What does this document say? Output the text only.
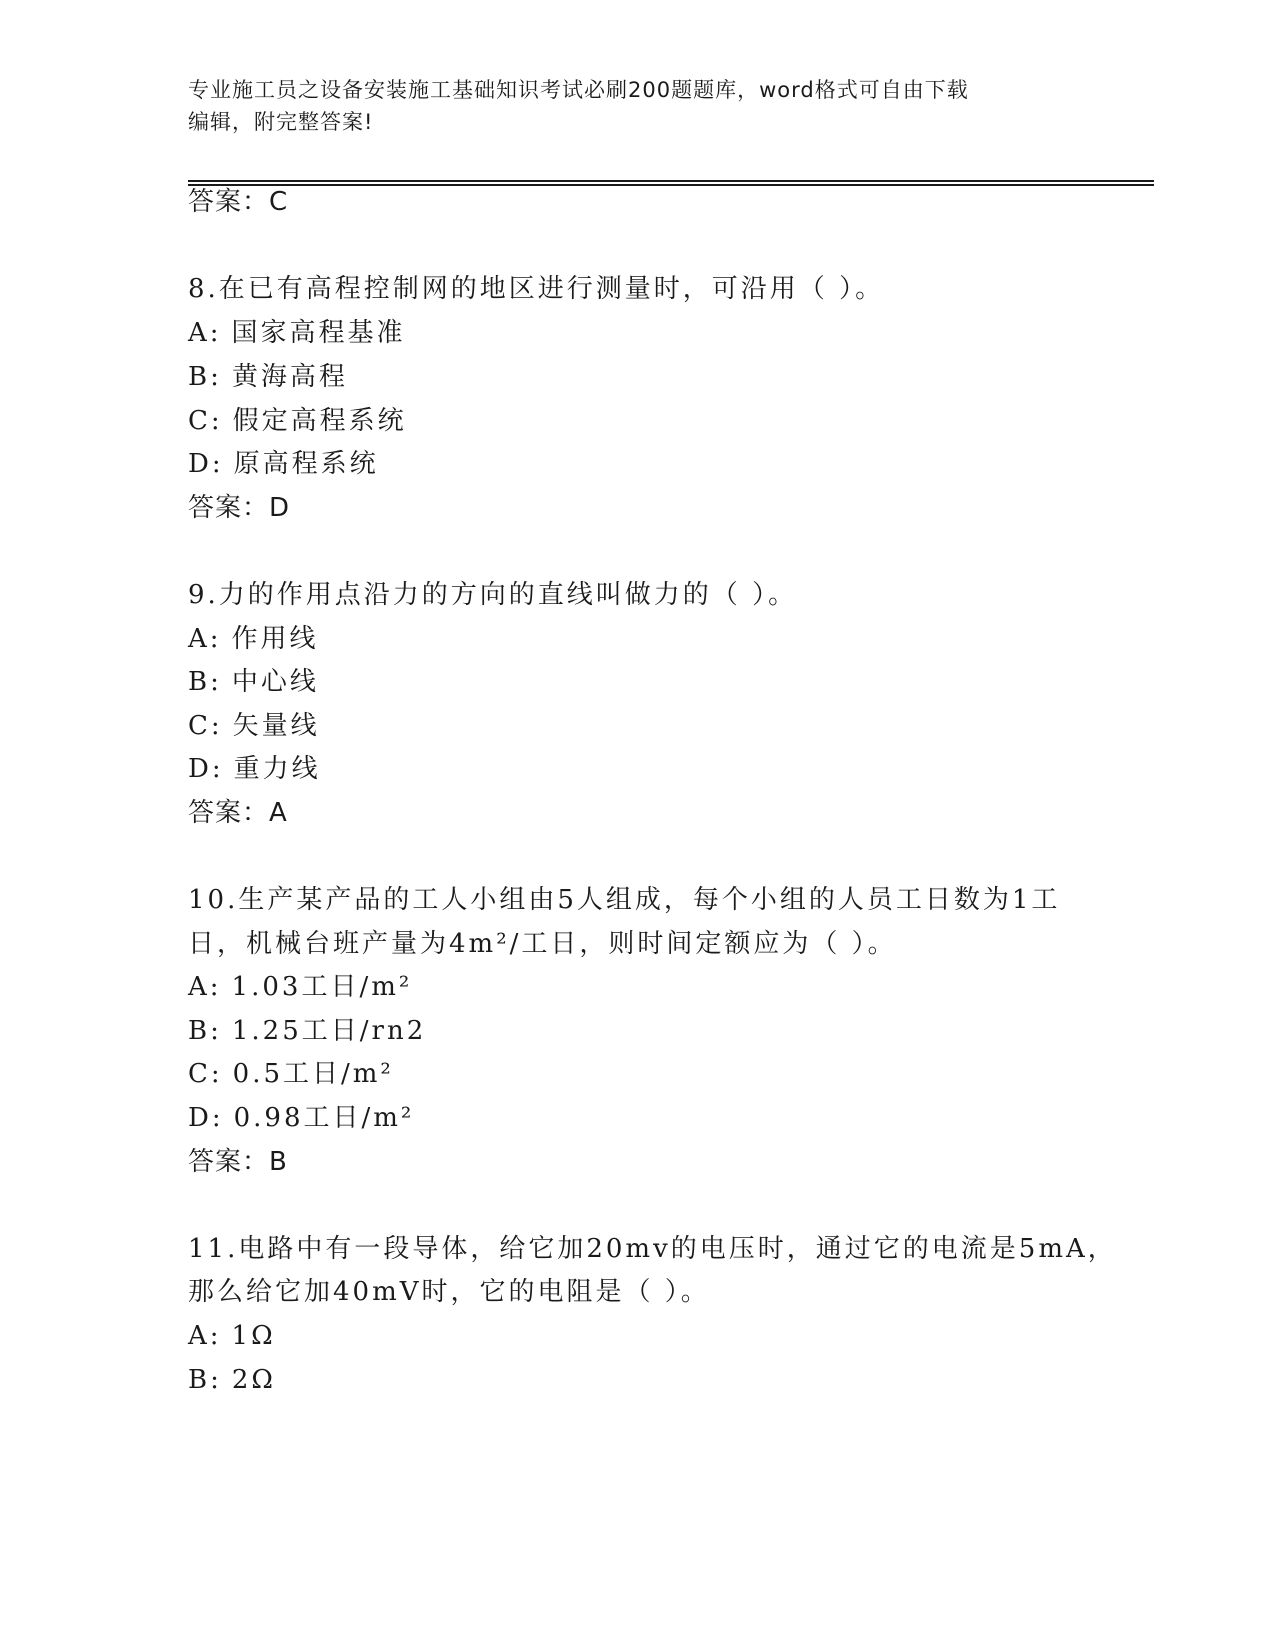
专业施工员之设备安装施工基础知识考试必刷200题题库，word格式可自由下载
编辑，附完整答案!
答案：C
8.在已有高程控制网的地区进行测量时，可沿用（ ）。
A: 国家高程基准
B: 黄海高程
C: 假定高程系统
D: 原高程系统
答案：D
9.力的作用点沿力的方向的直线叫做力的（ ）。
A: 作用线
B: 中心线
C: 矢量线
D: 重力线
答案：A
10.生产某产品的工人小组由5人组成，每个小组的人员工日数为1工
日，机械台班产量为4m²/工日，则时间定额应为（ ）。
A: 1.03工日/m²
B: 1.25工日/rn2
C: 0.5工日/m²
D: 0.98工日/m²
答案：B
11.电路中有一段导体，给它加20mv的电压时，通过它的电流是5mA，
那么给它加40mV时，它的电阻是（ ）。
A: 1Ω
B: 2Ω
